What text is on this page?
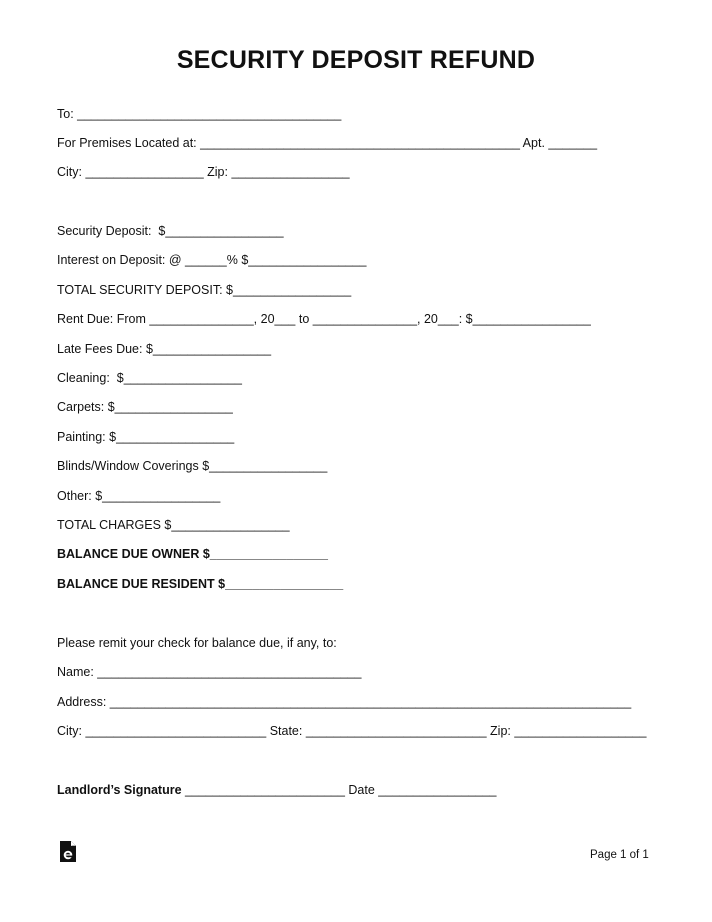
SECURITY DEPOSIT REFUND
To: ______________________________________
For Premises Located at: ______________________________________________ Apt. _______
City: _________________ Zip: _________________
Security Deposit:  $_________________
Interest on Deposit: @ ______% $_________________
TOTAL SECURITY DEPOSIT: $_________________
Rent Due: From _______________, 20___ to _______________, 20___: $_________________
Late Fees Due: $_________________
Cleaning:  $_________________
Carpets: $_________________
Painting: $_________________
Blinds/Window Coverings $_________________
Other: $_________________
TOTAL CHARGES $_________________
BALANCE DUE OWNER $_________________
BALANCE DUE RESIDENT $_________________
Please remit your check for balance due, if any, to:
Name: ______________________________________
Address: ___________________________________________________________________________
City: __________________________ State: __________________________ Zip: ___________________
Landlord’s Signature _______________________ Date _________________
Page 1 of 1
